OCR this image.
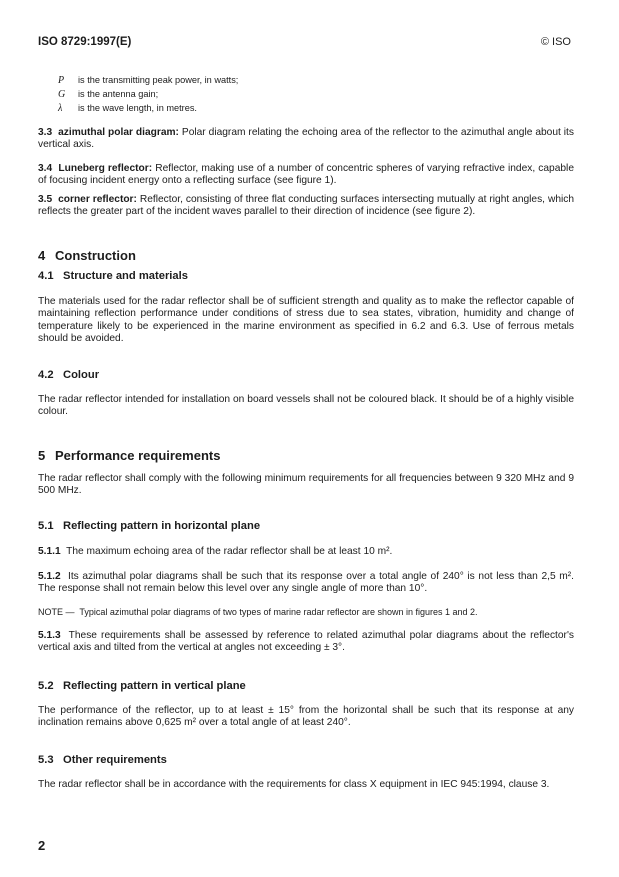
ISO 8729:1997(E)	© ISO
P is the transmitting peak power, in watts;
G is the antenna gain;
λ is the wave length, in metres.
3.3 azimuthal polar diagram: Polar diagram relating the echoing area of the reflector to the azimuthal angle about its vertical axis.
3.4 Luneberg reflector: Reflector, making use of a number of concentric spheres of varying refractive index, capable of focusing incident energy onto a reflecting surface (see figure 1).
3.5 corner reflector: Reflector, consisting of three flat conducting surfaces intersecting mutually at right angles, which reflects the greater part of the incident waves parallel to their direction of incidence (see figure 2).
4 Construction
4.1 Structure and materials
The materials used for the radar reflector shall be of sufficient strength and quality as to make the reflector capable of maintaining reflection performance under conditions of stress due to sea states, vibration, humidity and change of temperature likely to be experienced in the marine environment as specified in 6.2 and 6.3. Use of ferrous metals should be avoided.
4.2 Colour
The radar reflector intended for installation on board vessels shall not be coloured black. It should be of a highly visible colour.
5 Performance requirements
The radar reflector shall comply with the following minimum requirements for all frequencies between 9 320 MHz and 9 500 MHz.
5.1 Reflecting pattern in horizontal plane
5.1.1 The maximum echoing area of the radar reflector shall be at least 10 m².
5.1.2 Its azimuthal polar diagrams shall be such that its response over a total angle of 240° is not less than 2,5 m². The response shall not remain below this level over any single angle of more than 10°.
NOTE — Typical azimuthal polar diagrams of two types of marine radar reflector are shown in figures 1 and 2.
5.1.3 These requirements shall be assessed by reference to related azimuthal polar diagrams about the reflector's vertical axis and tilted from the vertical at angles not exceeding ± 3°.
5.2 Reflecting pattern in vertical plane
The performance of the reflector, up to at least ± 15° from the horizontal shall be such that its response at any inclination remains above 0,625 m² over a total angle of at least 240°.
5.3 Other requirements
The radar reflector shall be in accordance with the requirements for class X equipment in IEC 945:1994, clause 3.
2
